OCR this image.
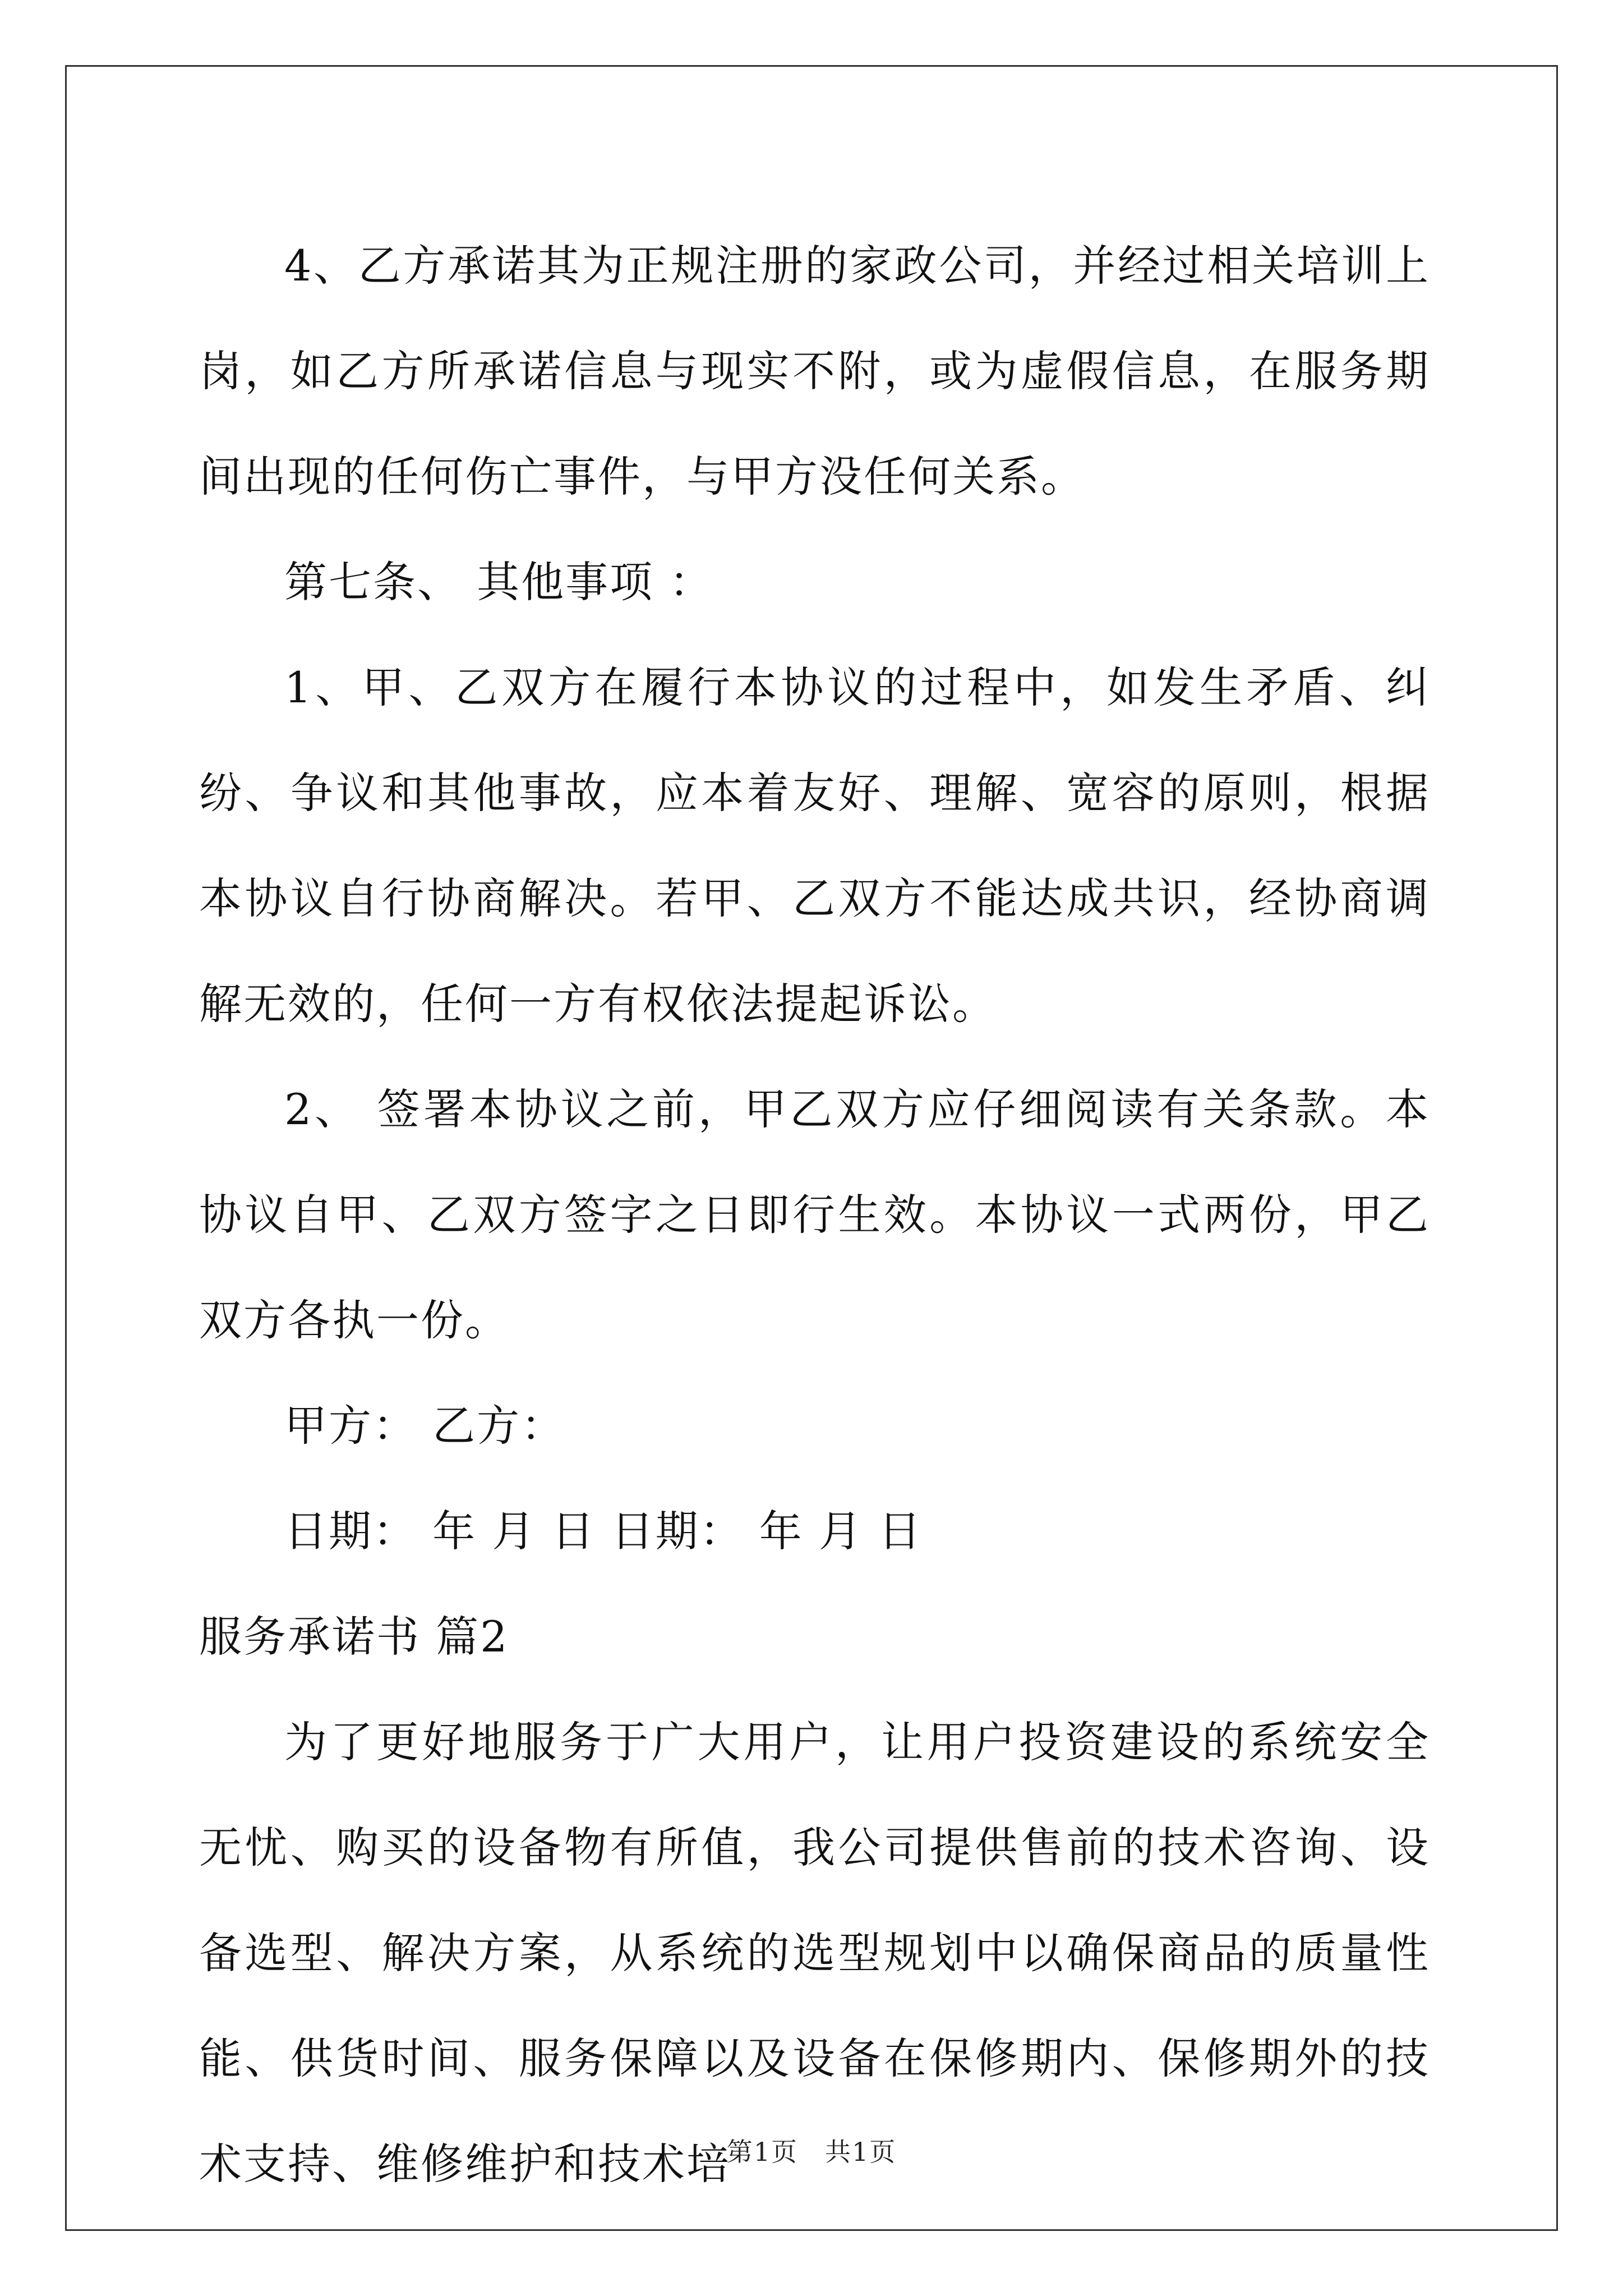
4、乙方承诺其为正规注册的家政公司，并经过相关培训上岗，如乙方所承诺信息与现实不附，或为虚假信息，在服务期间出现的任何伤亡事件，与甲方没任何关系。

第七条、 其他事项 ：

1、甲、乙双方在履行本协议的过程中，如发生矛盾、纠纷、争议和其他事故，应本着友好、理解、宽容的原则，根据本协议自行协商解决。若甲、乙双方不能达成共识，经协商调解无效的，任何一方有权依法提起诉讼。

2、 签署本协议之前，甲乙双方应仔细阅读有关条款。本协议自甲、乙双方签字之日即行生效。本协议一式两份，甲乙双方各执一份。

甲方： 乙方：

日期： 年 月 日 日期： 年 月 日

服务承诺书 篇2

为了更好地服务于广大用户，让用户投资建设的系统安全无忧、购买的设备物有所值，我公司提供售前的技术咨询、设备选型、解决方案，从系统的选型规划中以确保商品的质量性能、供货时间、服务保障以及设备在保修期内、保修期外的技术支持、维修维护和技术培

第1页　共1页
